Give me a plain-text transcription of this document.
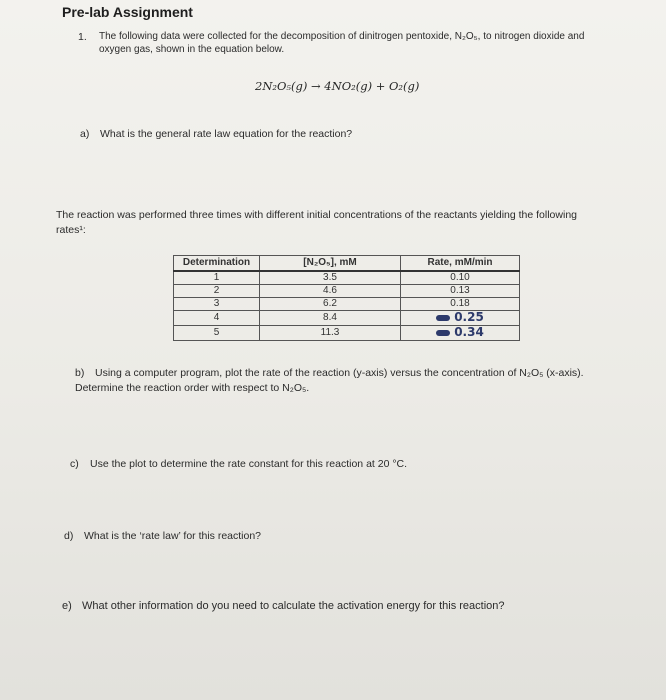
Pre-lab Assignment
1. The following data were collected for the decomposition of dinitrogen pentoxide, N₂O₅, to nitrogen dioxide and oxygen gas, shown in the equation below.
2N₂O₅(g) → 4NO₂(g) + O₂(g)
a) What is the general rate law equation for the reaction?
The reaction was performed three times with different initial concentrations of the reactants yielding the following rates¹:
Determination	[N₂O₅], mM	Rate, mM/min
1	3.5	0.10
2	4.6	0.13
3	6.2	0.18
4	8.4	0.25
5	11.3	0.34
b) Using a computer program, plot the rate of the reaction (y-axis) versus the concentration of N₂O₅ (x-axis). Determine the reaction order with respect to N₂O₅.
c) Use the plot to determine the rate constant for this reaction at 20 °C.
d) What is the ‘rate law’ for this reaction?
e) What other information do you need to calculate the activation energy for this reaction?
